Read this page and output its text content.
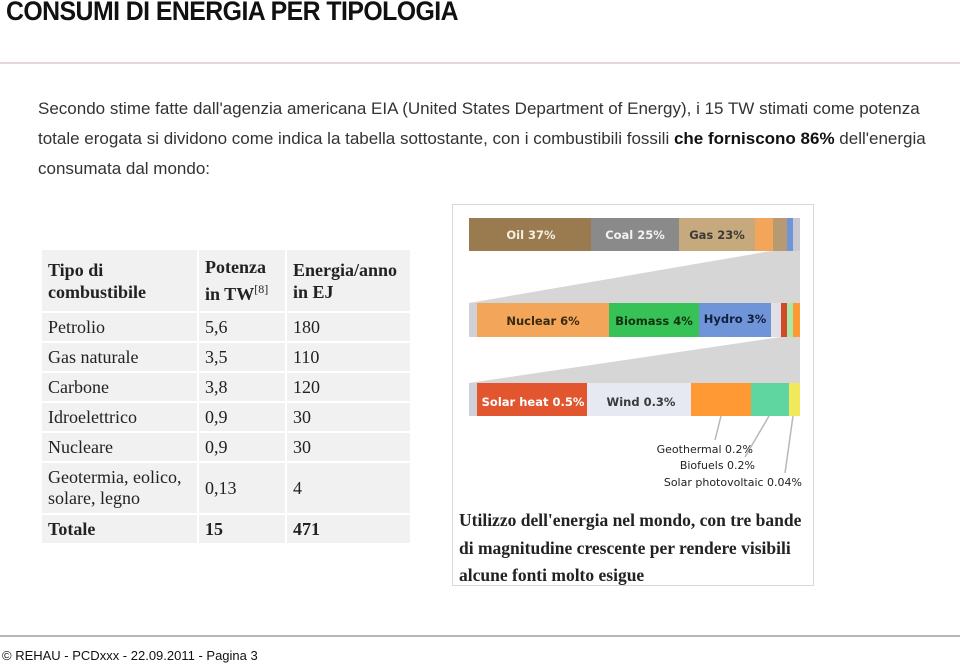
CONSUMI DI ENERGIA PER TIPOLOGIA
Secondo stime fatte dall'agenzia americana EIA (United States Department of Energy), i 15 TW stimati come potenza totale erogata si dividono come indica la tabella sottostante, con i combustibili fossili che forniscono 86% dell'energia consumata dal mondo:
Tipo di combustibile	Potenza in TW[8]	Energia/anno in EJ
Petrolio	5,6	180
Gas naturale	3,5	110
Carbone	3,8	120
Idroelettrico	0,9	30
Nucleare	0,9	30
Geotermia, eolico, solare, legno	0,13	4
Totale	15	471
Oil 37%	Coal 25% Gas 23%
Nuclear 6%	Biomass 4% Hydro 3%
Solar heat 0.5% Wind 0.3%
Geothermal 0.2%
Biofuels 0.2%
Solar photovoltaic 0.04%
Utilizzo dell'energia nel mondo, con tre bande di magnitudine crescente per rendere visibili alcune fonti molto esigue
© REHAU - PCDxxx - 22.09.2011 - Pagina 3
